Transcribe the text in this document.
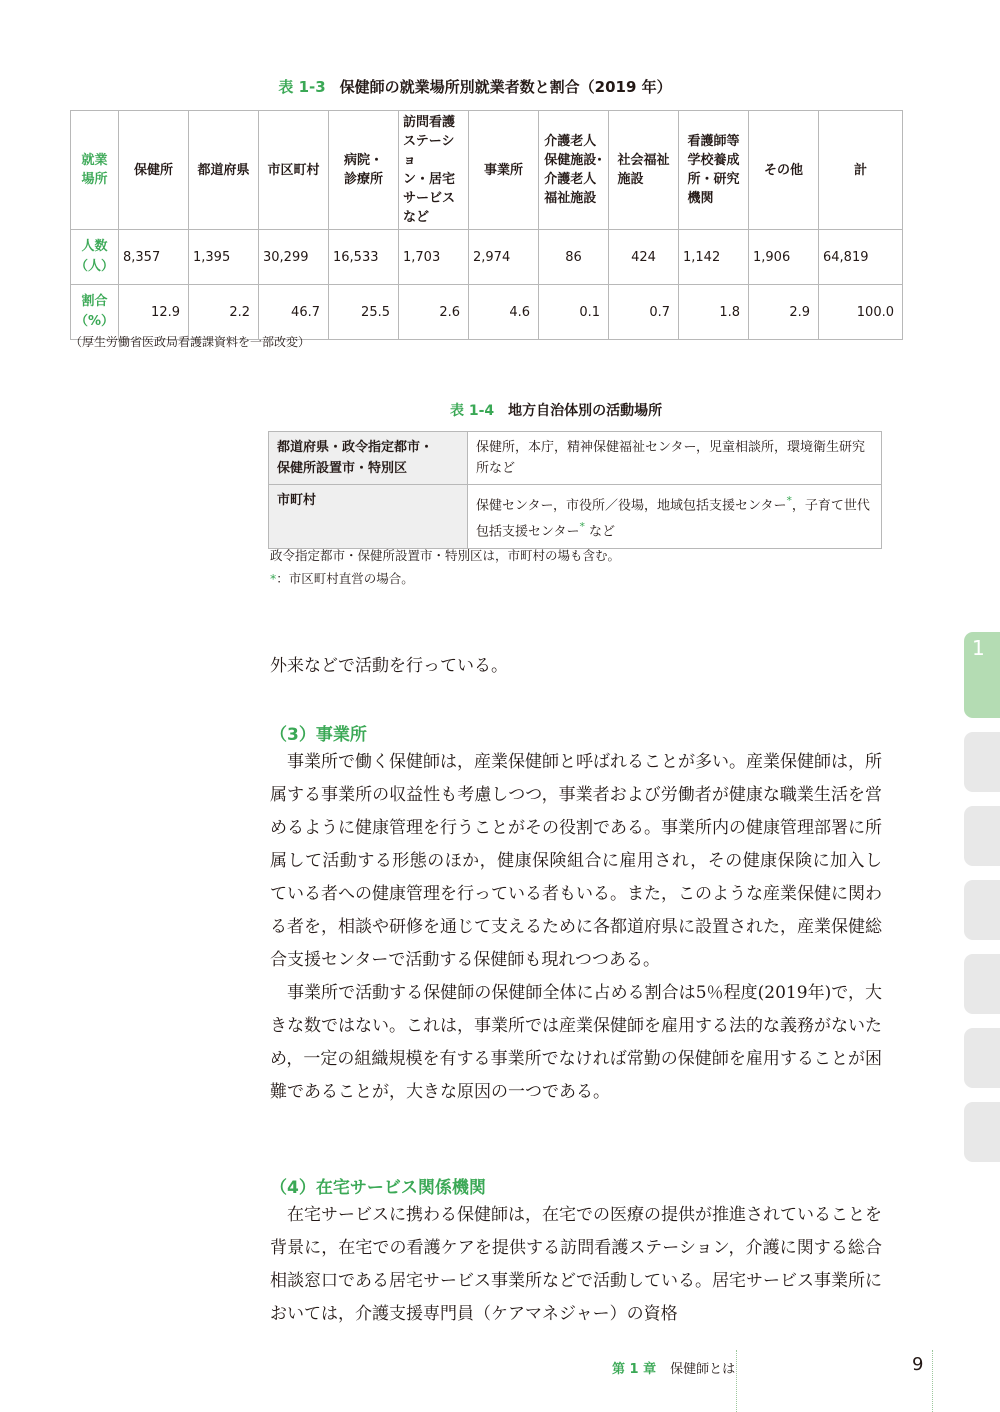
表 1-3 保健師の就業場所別就業者数と割合（2019 年）
就業
場所	保健所	都道府県	市区町村	病院・
診療所	訪問看護
ステーショ
ン・居宅
サービス
など	事業所	介護老人
保健施設･
介護老人
福祉施設	社会福祉
施設	看護師等
学校養成
所・研究
機関	その他	計
人数
（人）	8,357	1,395	30,299	16,533	1,703	2,974	86	424	1,142	1,906	64,819
割合
（%）	12.9	2.2	46.7	25.5	2.6	4.6	0.1	0.7	1.8	2.9	100.0
（厚生労働省医政局看護課資料を一部改変）
表 1-4 地方自治体別の活動場所
都道府県・政令指定都市・
保健所設置市・特別区	保健所，本庁，精神保健福祉センター，児童相談所，環境衛生研究所など
市町村	保健センター，市役所／役場，地域包括支援センター*，子育て世代包括支援センター* など
政令指定都市・保健所設置市・特別区は，市町村の場も含む。
*：市区町村直営の場合。
外来などで活動を行っている。
（3）事業所

事業所で働く保健師は，産業保健師と呼ばれることが多い。産業保健師は，所属する事業所の収益性も考慮しつつ，事業者および労働者が健康な職業生活を営めるように健康管理を行うことがその役割である。事業所内の健康管理部署に所属して活動する形態のほか，健康保険組合に雇用され，その健康保険に加入している者への健康管理を行っている者もいる。また，このような産業保健に関わる者を，相談や研修を通じて支えるために各都道府県に設置された，産業保健総合支援センターで活動する保健師も現れつつある。

事業所で活動する保健師の保健師全体に占める割合は5％程度(2019年)で，大きな数ではない。これは，事業所では産業保健師を雇用する法的な義務がないため，一定の組織規模を有する事業所でなければ常勤の保健師を雇用することが困難であることが，大きな原因の一つである。

（4）在宅サービス関係機関

在宅サービスに携わる保健師は，在宅での医療の提供が推進されていることを背景に，在宅での看護ケアを提供する訪問看護ステーション，介護に関する総合相談窓口である居宅サービス事業所などで活動している。居宅サービス事業所においては，介護支援専門員（ケアマネジャー）の資格

1
第 1 章 保健師とは	9
